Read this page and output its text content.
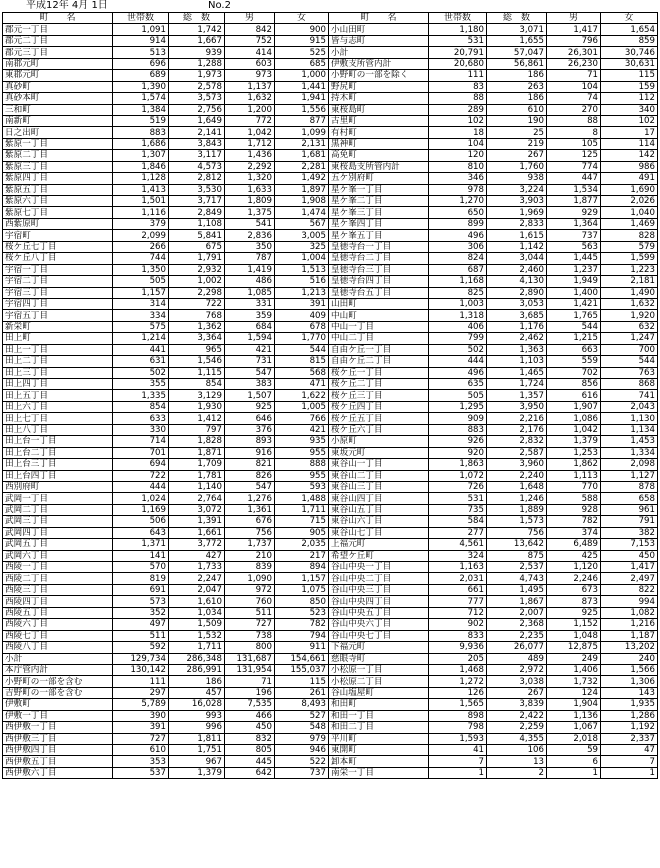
平成12年 4月 1日	No.2
町　　名	世帯数	総　数	男	女	町　　名	世帯数	総　数	男	女
郡元一丁目	1,091	1,742	842	900	小山田町	1,180	3,071	1,417	1,654
郡元二丁目	914	1,667	752	915	皆与志町	531	1,655	796	859
郡元三丁目	513	939	414	525	小計	20,791	57,047	26,301	30,746
南郡元町	696	1,288	603	685	伊敷支所管内計	20,680	56,861	26,230	30,631
東郡元町	689	1,973	973	1,000	小野町の一部を除く	111	186	71	115
真砂町	1,390	2,578	1,137	1,441	野尻町	83	263	104	159
真砂本町	1,574	3,573	1,632	1,941	持木町	88	186	74	112
三和町	1,384	2,756	1,200	1,556	東桜島町	289	610	270	340
南新町	519	1,649	772	877	古里町	102	190	88	102
日之出町	883	2,141	1,042	1,099	有村町	18	25	8	17
紫原一丁目	1,686	3,843	1,712	2,131	黒神町	104	219	105	114
紫原二丁目	1,307	3,117	1,436	1,681	高免町	120	267	125	142
紫原三丁目	1,846	4,573	2,292	2,281	東桜島支所管内計	810	1,760	774	986
紫原四丁目	1,128	2,812	1,320	1,492	五ケ別府町	346	938	447	491
紫原五丁目	1,413	3,530	1,633	1,897	星ケ峯一丁目	978	3,224	1,534	1,690
紫原六丁目	1,501	3,717	1,809	1,908	星ケ峯二丁目	1,270	3,903	1,877	2,026
紫原七丁目	1,116	2,849	1,375	1,474	星ケ峯三丁目	650	1,969	929	1,040
西紫原町	379	1,108	541	567	星ケ峯四丁目	899	2,833	1,364	1,469
宇宿町	2,099	5,841	2,836	3,005	星ケ峯五丁目	496	1,615	737	828
桜ケ丘七丁目	266	675	350	325	皇徳寺台一丁目	306	1,142	563	579
桜ケ丘八丁目	744	1,791	787	1,004	皇徳寺台二丁目	824	3,044	1,445	1,599
宇宿一丁目	1,350	2,932	1,419	1,513	皇徳寺台三丁目	687	2,460	1,237	1,223
宇宿二丁目	505	1,002	486	516	皇徳寺台四丁目	1,168	4,130	1,949	2,181
宇宿三丁目	1,157	2,298	1,085	1,213	皇徳寺台五丁目	825	2,890	1,400	1,490
宇宿四丁目	314	722	331	391	山田町	1,003	3,053	1,421	1,632
宇宿五丁目	334	768	359	409	中山町	1,318	3,685	1,765	1,920
新栄町	575	1,362	684	678	中山一丁目	406	1,176	544	632
田上町	1,214	3,364	1,594	1,770	中山二丁目	799	2,462	1,215	1,247
田上一丁目	441	965	421	544	自由ケ丘一丁目	502	1,363	663	700
田上二丁目	631	1,546	731	815	自由ケ丘二丁目	444	1,103	559	544
田上三丁目	502	1,115	547	568	桜ケ丘一丁目	496	1,465	702	763
田上四丁目	355	854	383	471	桜ケ丘二丁目	635	1,724	856	868
田上五丁目	1,335	3,129	1,507	1,622	桜ケ丘三丁目	505	1,357	616	741
田上六丁目	854	1,930	925	1,005	桜ケ丘四丁目	1,295	3,950	1,907	2,043
田上七丁目	633	1,412	646	766	桜ケ丘五丁目	909	2,216	1,086	1,130
田上八丁目	330	797	376	421	桜ケ丘六丁目	883	2,176	1,042	1,134
田上台一丁目	714	1,828	893	935	小原町	926	2,832	1,379	1,453
田上台二丁目	701	1,871	916	955	東坂元町	920	2,587	1,253	1,334
田上台三丁目	694	1,709	821	888	東谷山一丁目	1,863	3,960	1,862	2,098
田上台四丁目	722	1,781	826	955	東谷山二丁目	1,072	2,240	1,113	1,127
西別府町	444	1,140	547	593	東谷山三丁目	726	1,648	770	878
武岡一丁目	1,024	2,764	1,276	1,488	東谷山四丁目	531	1,246	588	658
武岡二丁目	1,169	3,072	1,361	1,711	東谷山五丁目	735	1,889	928	961
武岡三丁目	506	1,391	676	715	東谷山六丁目	584	1,573	782	791
武岡四丁目	643	1,661	756	905	東谷山七丁目	277	756	374	382
武岡五丁目	1,371	3,772	1,737	2,035	上福元町	4,561	13,642	6,489	7,153
武岡六丁目	141	427	210	217	希望ケ丘町	324	875	425	450
西陵一丁目	570	1,733	839	894	谷山中央一丁目	1,163	2,537	1,120	1,417
西陵二丁目	819	2,247	1,090	1,157	谷山中央二丁目	2,031	4,743	2,246	2,497
西陵三丁目	691	2,047	972	1,075	谷山中央三丁目	661	1,495	673	822
西陵四丁目	573	1,610	760	850	谷山中央四丁目	777	1,867	873	994
西陵五丁目	352	1,034	511	523	谷山中央五丁目	712	2,007	925	1,082
西陵六丁目	497	1,509	727	782	谷山中央六丁目	902	2,368	1,152	1,216
西陵七丁目	511	1,532	738	794	谷山中央七丁目	833	2,235	1,048	1,187
西陵八丁目	592	1,711	800	911	下福元町	9,936	26,077	12,875	13,202
小計	129,734	286,348	131,687	154,661	慈眼寺町	205	489	249	240
本庁管内計	130,142	286,991	131,954	155,037	小松原一丁目	1,468	2,972	1,406	1,566
小野町の一部を含む	111	186	71	115	小松原二丁目	1,272	3,038	1,732	1,306
吉野町の一部を含む	297	457	196	261	谷山塩屋町	126	267	124	143
伊敷町	5,789	16,028	7,535	8,493	和田町	1,565	3,839	1,904	1,935
伊敷一丁目	390	993	466	527	和田一丁目	898	2,422	1,136	1,286
西伊敷一丁目	391	996	450	548	和田二丁目	798	2,259	1,067	1,192
西伊敷三丁目	727	1,811	832	979	平川町	1,593	4,355	2,018	2,337
西伊敷四丁目	610	1,751	805	946	東開町	41	106	59	47
西伊敷五丁目	353	967	445	522	卸本町	7	13	6	7
西伊敷六丁目	537	1,379	642	737	南栄一丁目	1	2	1	1
